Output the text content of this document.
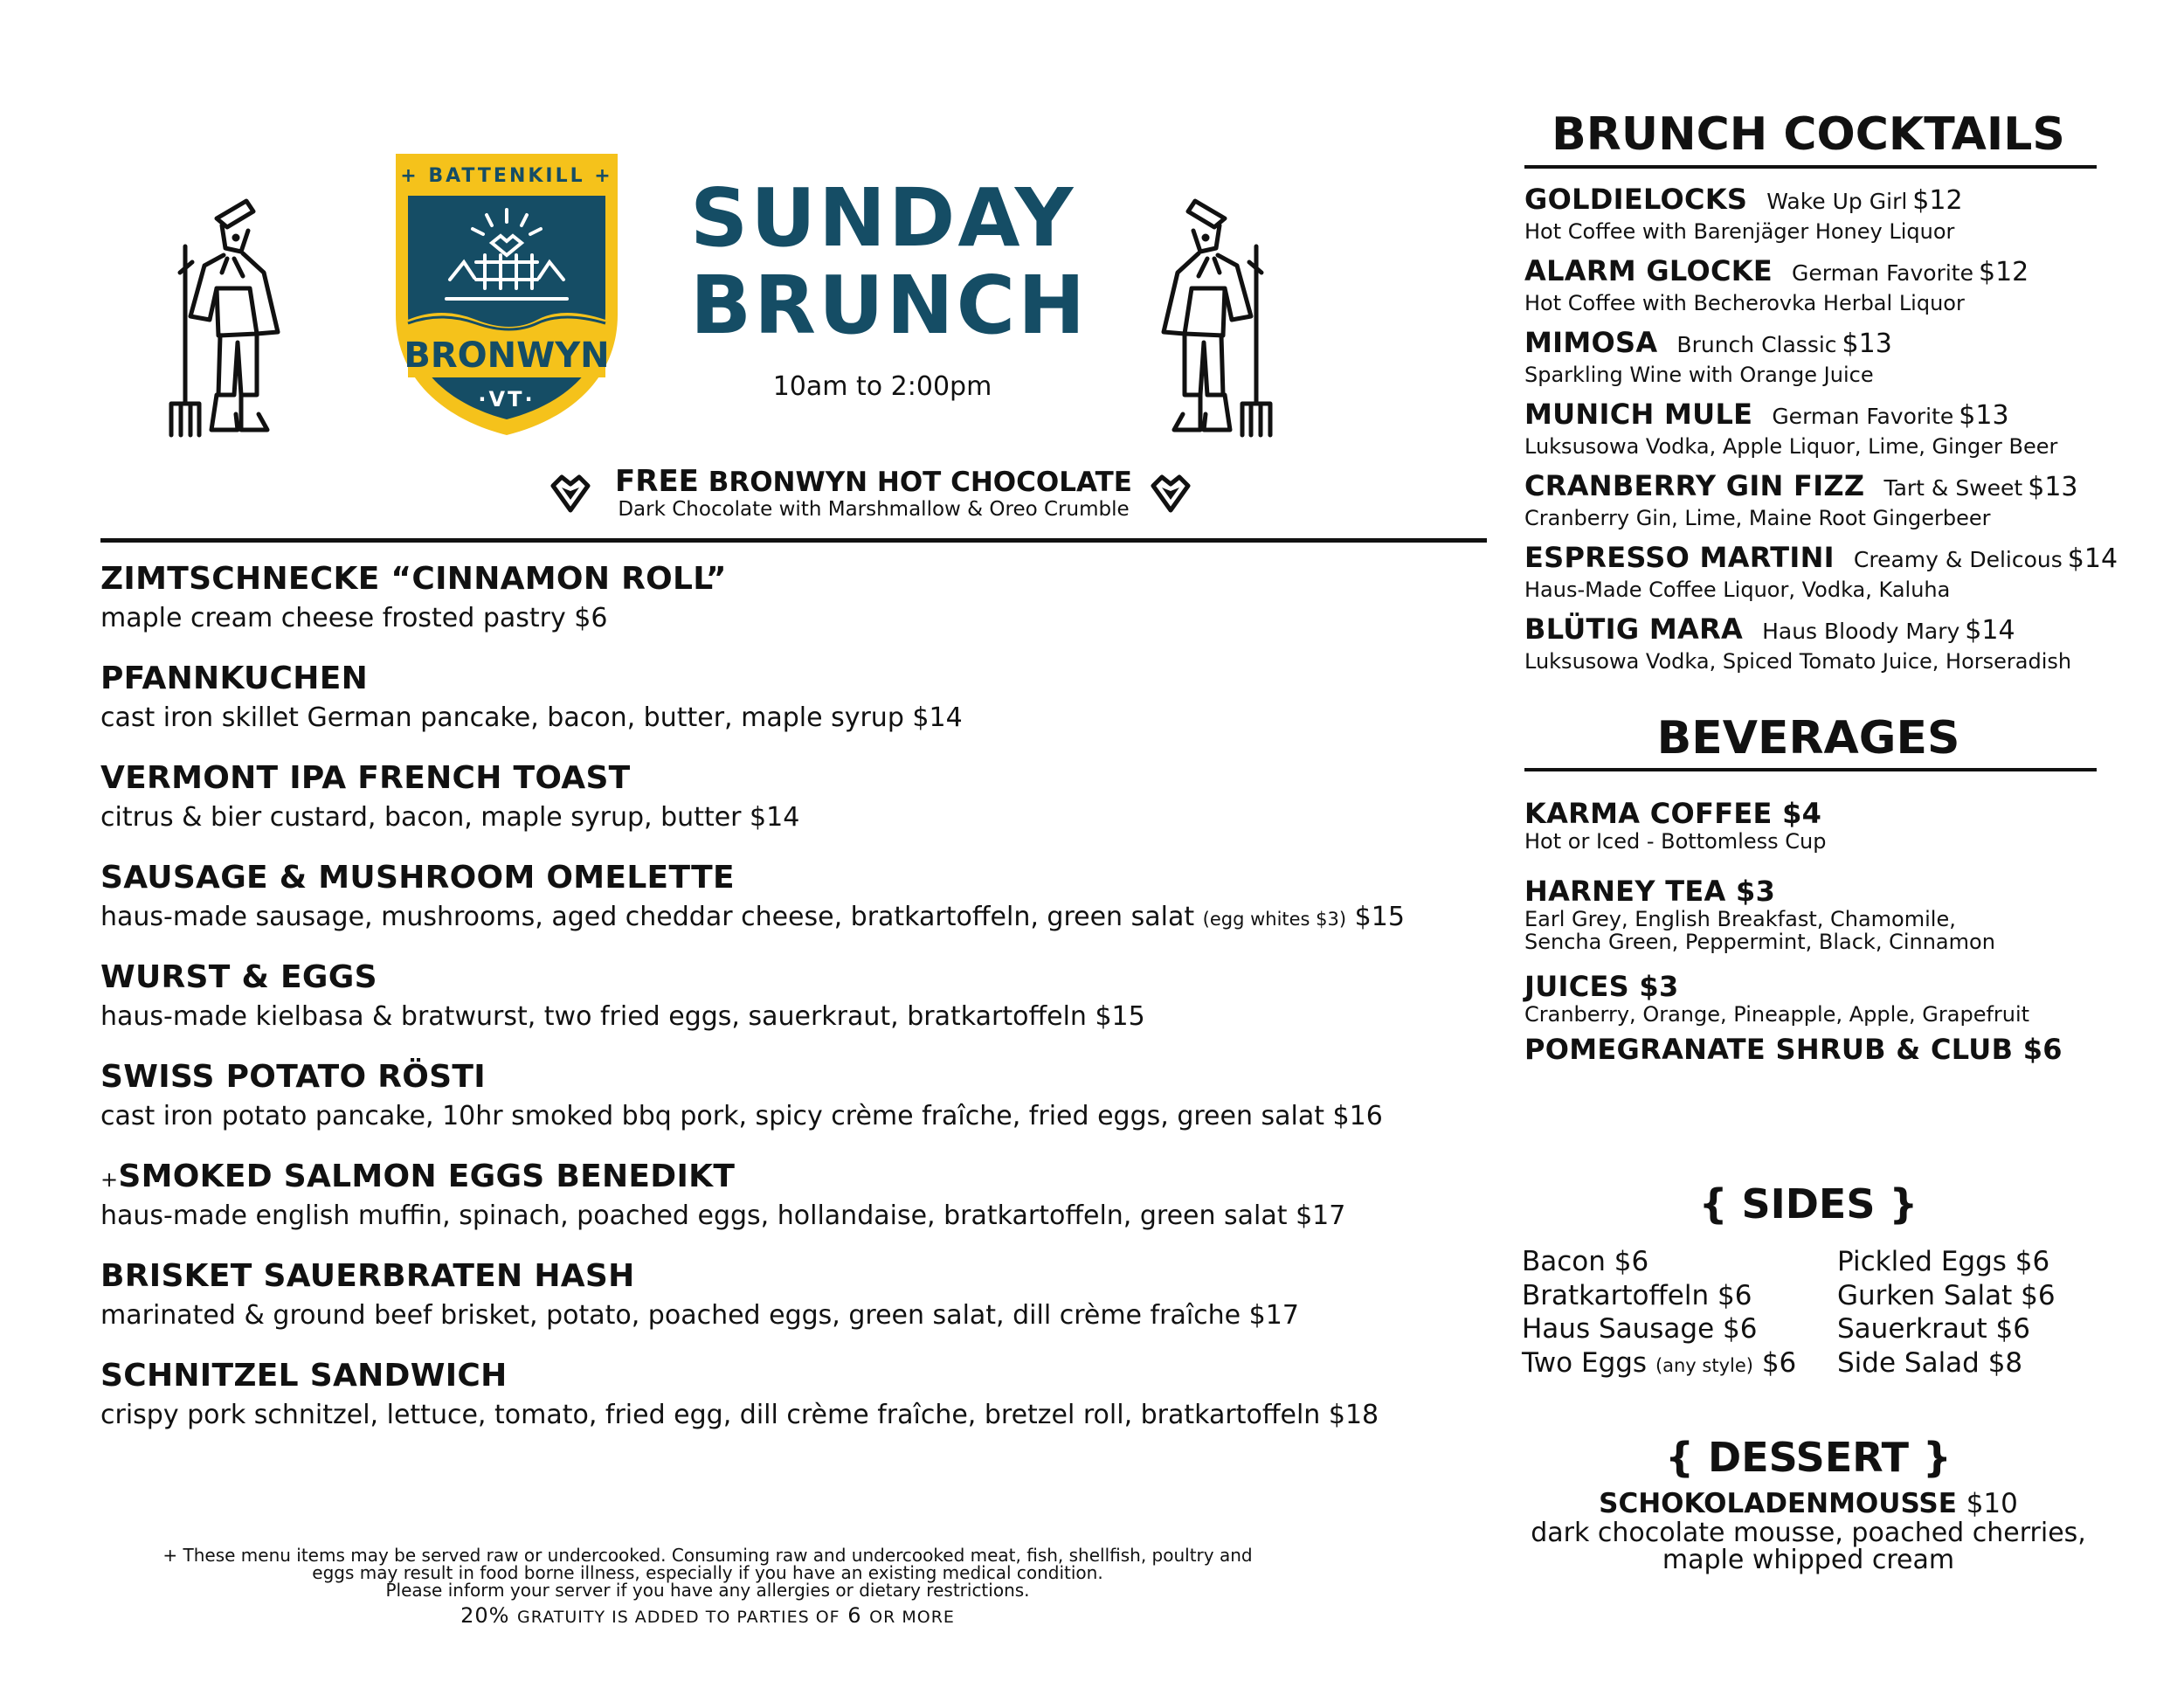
+ BATTENKILL +
BRONWYN
·VT·
SUNDAY
BRUNCH
10am to 2:00pm
FREE BRONWYN HOT CHOCOLATE
Dark Chocolate with Marshmallow & Oreo Crumble
ZIMTSCHNECKE “CINNAMON ROLL”
maple cream cheese frosted pastry $6
PFANNKUCHEN
cast iron skillet German pancake, bacon, butter, maple syrup $14
VERMONT IPA FRENCH TOAST
citrus & bier custard, bacon, maple syrup, butter $14
SAUSAGE & MUSHROOM OMELETTE
haus-made sausage, mushrooms, aged cheddar cheese, bratkartoffeln, green salat (egg whites $3) $15
WURST & EGGS
haus-made kielbasa & bratwurst, two fried eggs, sauerkraut, bratkartoffeln $15
SWISS POTATO RÖSTI
cast iron potato pancake, 10hr smoked bbq pork, spicy crème fraîche, fried eggs, green salat $16
+SMOKED SALMON EGGS BENEDIKT
haus-made english muffin, spinach, poached eggs, hollandaise, bratkartoffeln, green salat $17
BRISKET SAUERBRATEN HASH
marinated & ground beef brisket, potato, poached eggs, green salat, dill crème fraîche $17
SCHNITZEL SANDWICH
crispy pork schnitzel, lettuce, tomato, fried egg, dill crème fraîche, bretzel roll, bratkartoffeln $18
+ These menu items may be served raw or undercooked. Consuming raw and undercooked meat, fish, shellfish, poultry and
eggs may result in food borne illness, especially if you have an existing medical condition.
Please inform your server if you have any allergies or dietary restrictions.
20% GRATUITY IS ADDED TO PARTIES OF 6 OR MORE
BRUNCH COCKTAILS
GOLDIELOCKS Wake Up Girl $12
Hot Coffee with Barenjäger Honey Liquor
ALARM GLOCKE German Favorite $12
Hot Coffee with Becherovka Herbal Liquor
MIMOSA Brunch Classic $13
Sparkling Wine with Orange Juice
MUNICH MULE German Favorite $13
Luksusowa Vodka, Apple Liquor, Lime, Ginger Beer
CRANBERRY GIN FIZZ Tart & Sweet $13
Cranberry Gin, Lime, Maine Root Gingerbeer
ESPRESSO MARTINI Creamy & Delicous $14
Haus-Made Coffee Liquor, Vodka, Kaluha
BLÜTIG MARA Haus Bloody Mary $14
Luksusowa Vodka, Spiced Tomato Juice, Horseradish
BEVERAGES
KARMA COFFEE $4
Hot or Iced - Bottomless Cup
HARNEY TEA $3
Earl Grey, English Breakfast, Chamomile,
Sencha Green, Peppermint, Black, Cinnamon
JUICES $3
Cranberry, Orange, Pineapple, Apple, Grapefruit
POMEGRANATE SHRUB & CLUB $6
{ SIDES }
Bacon $6
Bratkartoffeln $6
Haus Sausage $6
Two Eggs (any style) $6
Pickled Eggs $6
Gurken Salat $6
Sauerkraut $6
Side Salad $8
{ DESSERT }
SCHOKOLADENMOUSSE $10
dark chocolate mousse, poached cherries,
maple whipped cream
